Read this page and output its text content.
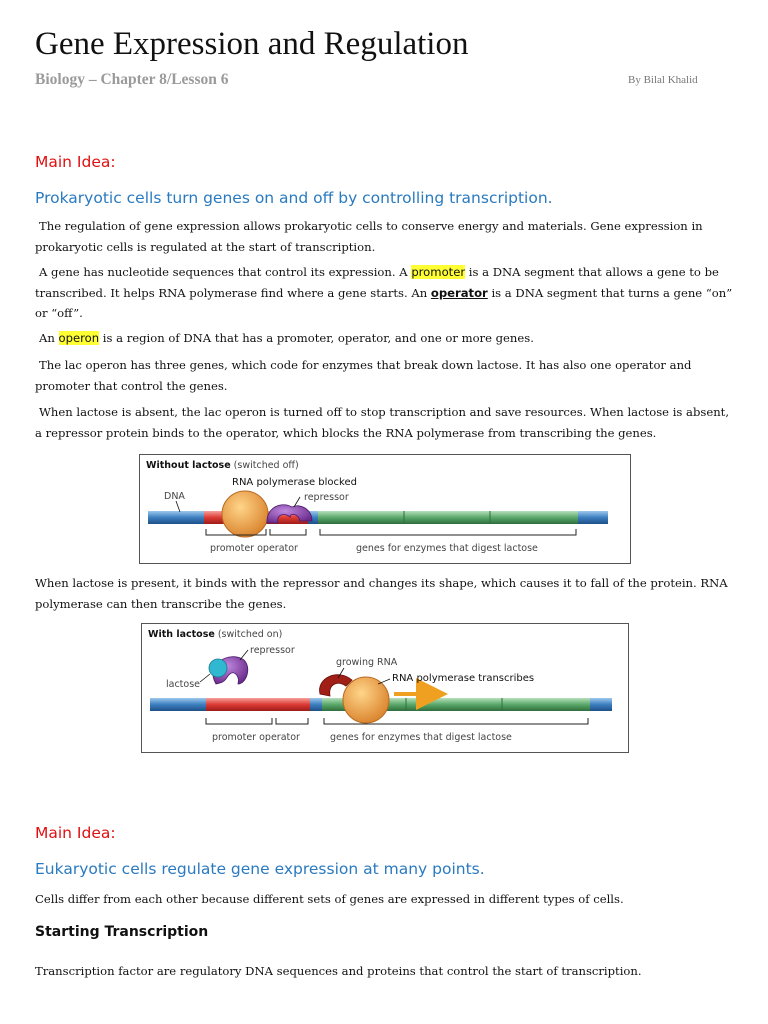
Gene Expression and Regulation
Biology – Chapter 8/Lesson 6	By Bilal Khalid
Main Idea:
Prokaryotic cells turn genes on and off by controlling transcription.
The regulation of gene expression allows prokaryotic cells to conserve energy and materials. Gene expression in prokaryotic cells is regulated at the start of transcription.
A gene has nucleotide sequences that control its expression. A promoter is a DNA segment that allows a gene to be transcribed. It helps RNA polymerase find where a gene starts. An operator is a DNA segment that turns a gene “on” or “off”.
An operon is a region of DNA that has a promoter, operator, and one or more genes.
The lac operon has three genes, which code for enzymes that break down lactose. It has also one operator and promoter that control the genes.
When lactose is absent, the lac operon is turned off to stop transcription and save resources. When lactose is absent, a repressor protein binds to the operator, which blocks the RNA polymerase from transcribing the genes.
Without lactose (switched off)
RNA polymerase blocked
DNA	repressor
promoter operator	genes for enzymes that digest lactose
When lactose is present, it binds with the repressor and changes its shape, which causes it to fall of the protein. RNA polymerase can then transcribe the genes.
With lactose (switched on)
repressor
lactose
growing RNA
RNA polymerase transcribes
promoter operator	genes for enzymes that digest lactose
Main Idea:
Eukaryotic cells regulate gene expression at many points.
Cells differ from each other because different sets of genes are expressed in different types of cells.
Starting Transcription
Transcription factor are regulatory DNA sequences and proteins that control the start of transcription.
